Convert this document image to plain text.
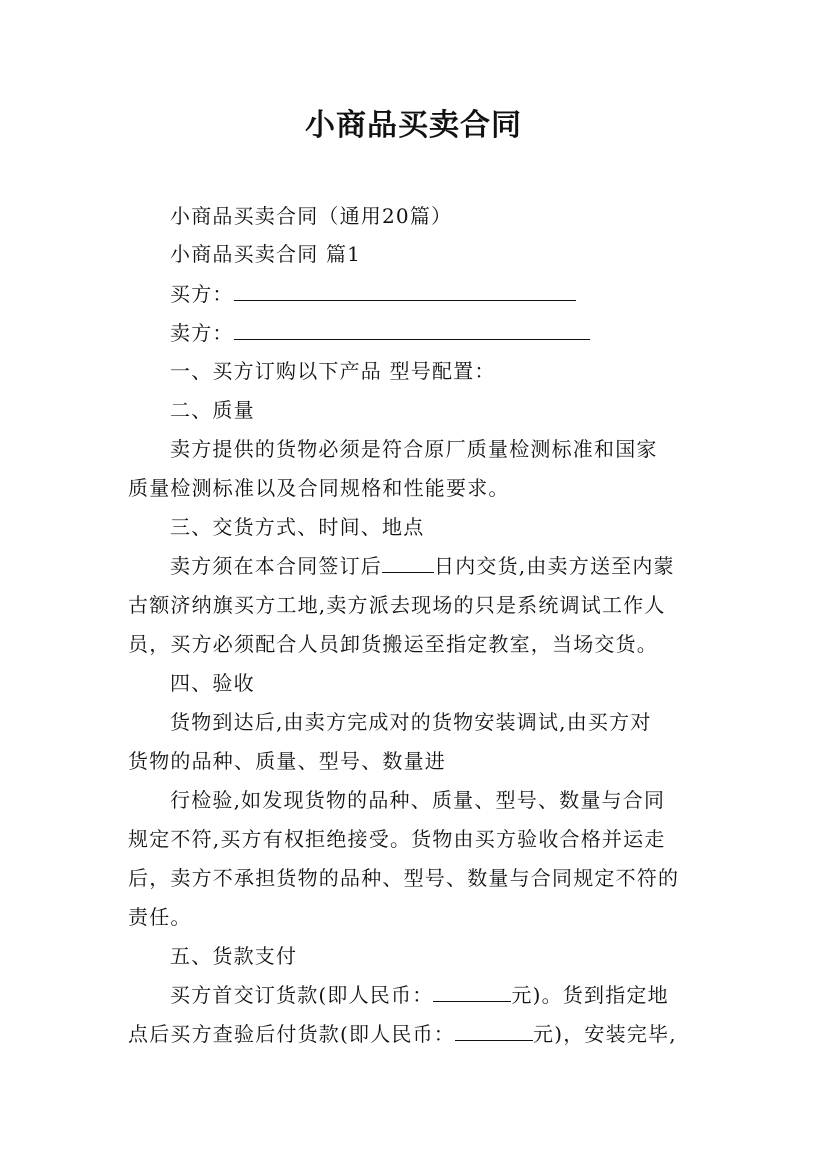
小商品买卖合同
小商品买卖合同（通用20篇）
小商品买卖合同 篇1
买方：
卖方：
一、买方订购以下产品 型号配置：
二、质量
卖方提供的货物必须是符合原厂质量检测标准和国家
质量检测标准以及合同规格和性能要求。
三、交货方式、时间、地点
卖方须在本合同签订后	日内交货,由卖方送至内蒙
古额济纳旗买方工地,卖方派去现场的只是系统调试工作人
员，买方必须配合人员卸货搬运至指定教室，当场交货。
四、验收
货物到达后,由卖方完成对的货物安装调试,由买方对
货物的品种、质量、型号、数量进
行检验,如发现货物的品种、质量、型号、数量与合同
规定不符,买方有权拒绝接受。货物由买方验收合格并运走
后，卖方不承担货物的品种、型号、数量与合同规定不符的
责任。
五、货款支付
买方首交订货款(即人民币：	元)。货到指定地
点后买方查验后付货款(即人民币：	元)，安装完毕,
